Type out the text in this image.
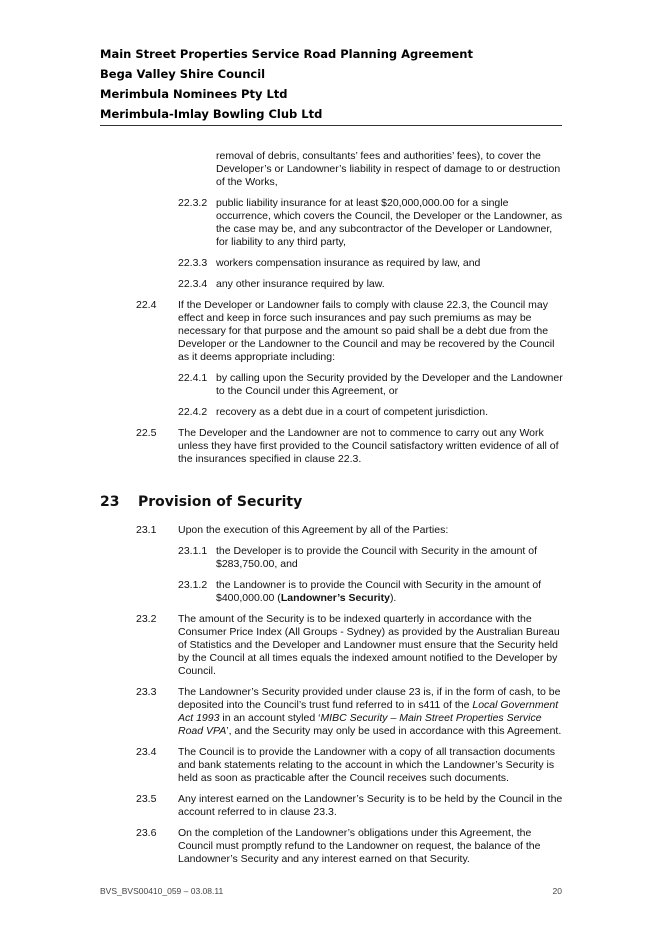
Main Street Properties Service Road Planning Agreement
Bega Valley Shire Council
Merimbula Nominees Pty Ltd
Merimbula-Imlay Bowling Club Ltd
removal of debris, consultants’ fees and authorities’ fees), to cover the Developer’s or Landowner’s liability in respect of damage to or destruction of the Works,
22.3.2 public liability insurance for at least $20,000,000.00 for a single occurrence, which covers the Council, the Developer or the Landowner, as the case may be, and any subcontractor of the Developer or Landowner, for liability to any third party,
22.3.3 workers compensation insurance as required by law, and
22.3.4 any other insurance required by law.
22.4 If the Developer or Landowner fails to comply with clause 22.3, the Council may effect and keep in force such insurances and pay such premiums as may be necessary for that purpose and the amount so paid shall be a debt due from the Developer or the Landowner to the Council and may be recovered by the Council as it deems appropriate including:
22.4.1 by calling upon the Security provided by the Developer and the Landowner to the Council under this Agreement, or
22.4.2 recovery as a debt due in a court of competent jurisdiction.
22.5 The Developer and the Landowner are not to commence to carry out any Work unless they have first provided to the Council satisfactory written evidence of all of the insurances specified in clause 22.3.
23 Provision of Security
23.1 Upon the execution of this Agreement by all of the Parties:
23.1.1 the Developer is to provide the Council with Security in the amount of $283,750.00, and
23.1.2 the Landowner is to provide the Council with Security in the amount of $400,000.00 (Landowner’s Security).
23.2 The amount of the Security is to be indexed quarterly in accordance with the Consumer Price Index (All Groups - Sydney) as provided by the Australian Bureau of Statistics and the Developer and Landowner must ensure that the Security held by the Council at all times equals the indexed amount notified to the Developer by Council.
23.3 The Landowner’s Security provided under clause 23 is, if in the form of cash, to be deposited into the Council’s trust fund referred to in s411 of the Local Government Act 1993 in an account styled ‘MIBC Security – Main Street Properties Service Road VPA’, and the Security may only be used in accordance with this Agreement.
23.4 The Council is to provide the Landowner with a copy of all transaction documents and bank statements relating to the account in which the Landowner’s Security is held as soon as practicable after the Council receives such documents.
23.5 Any interest earned on the Landowner’s Security is to be held by the Council in the account referred to in clause 23.3.
23.6 On the completion of the Landowner’s obligations under this Agreement, the Council must promptly refund to the Landowner on request, the balance of the Landowner’s Security and any interest earned on that Security.
BVS_BVS00410_059 – 03.08.11	20
